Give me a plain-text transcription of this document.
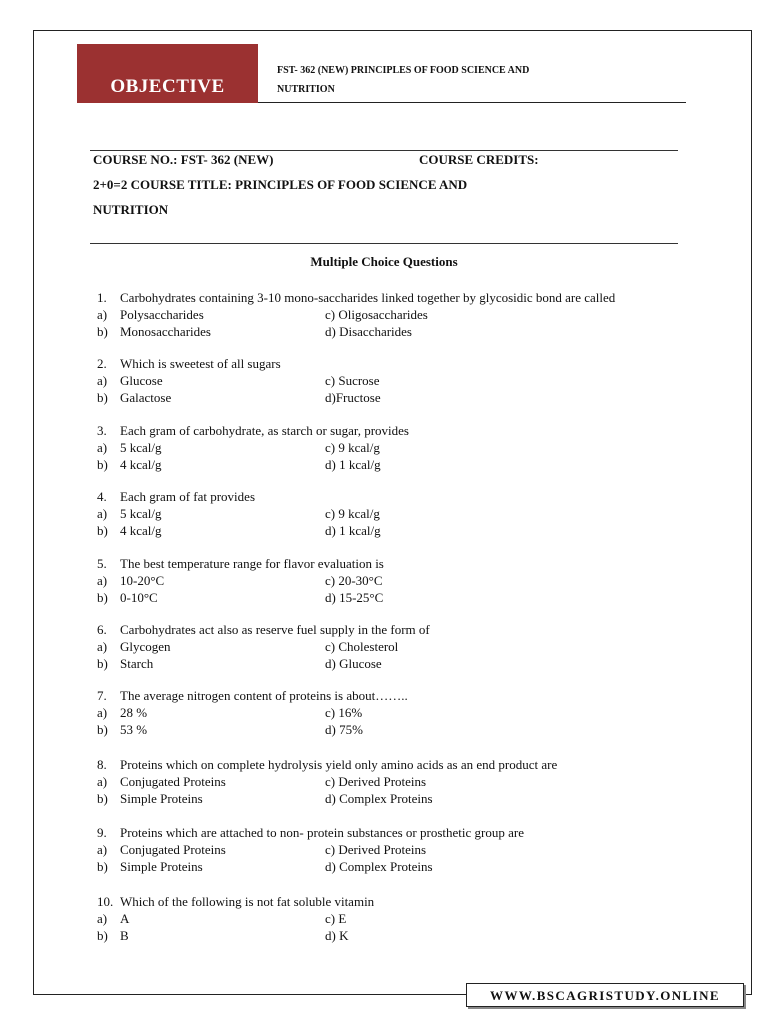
OBJECTIVE
FST- 362 (NEW) PRINCIPLES OF FOOD SCIENCE AND
NUTRITION
COURSE NO.: FST- 362 (NEW)	COURSE CREDITS:
2+0=2 COURSE TITLE: PRINCIPLES OF FOOD SCIENCE AND
NUTRITION
Multiple Choice Questions
1. Carbohydrates containing 3-10 mono-saccharides linked together by glycosidic bond are called
a) Polysaccharides	c) Oligosaccharides
b) Monosaccharides	d) Disaccharides
2. Which is sweetest of all sugars
a) Glucose	c) Sucrose
b) Galactose	d)Fructose
3. Each gram of carbohydrate, as starch or sugar, provides
a) 5 kcal/g	c) 9 kcal/g
b) 4 kcal/g	d) 1 kcal/g
4. Each gram of fat provides
a) 5 kcal/g	c) 9 kcal/g
b) 4 kcal/g	d) 1 kcal/g
5. The best temperature range for flavor evaluation is
a) 10-20°C	c) 20-30°C
b) 0-10°C	d) 15-25°C
6. Carbohydrates act also as reserve fuel supply in the form of
a) Glycogen	c) Cholesterol
b) Starch	d) Glucose
7. The average nitrogen content of proteins is about……..
a) 28 %	c) 16%
b) 53 %	d) 75%
8. Proteins which on complete hydrolysis yield only amino acids as an end product are
a) Conjugated Proteins	c) Derived Proteins
b) Simple Proteins	d) Complex Proteins
9. Proteins which are attached to non- protein substances or prosthetic group are
a) Conjugated Proteins	c) Derived Proteins
b) Simple Proteins	d) Complex Proteins
10. Which of the following is not fat soluble vitamin
a) A	c) E
b) B	d) K
WWW.BSCAGRISTUDY.ONLINE
